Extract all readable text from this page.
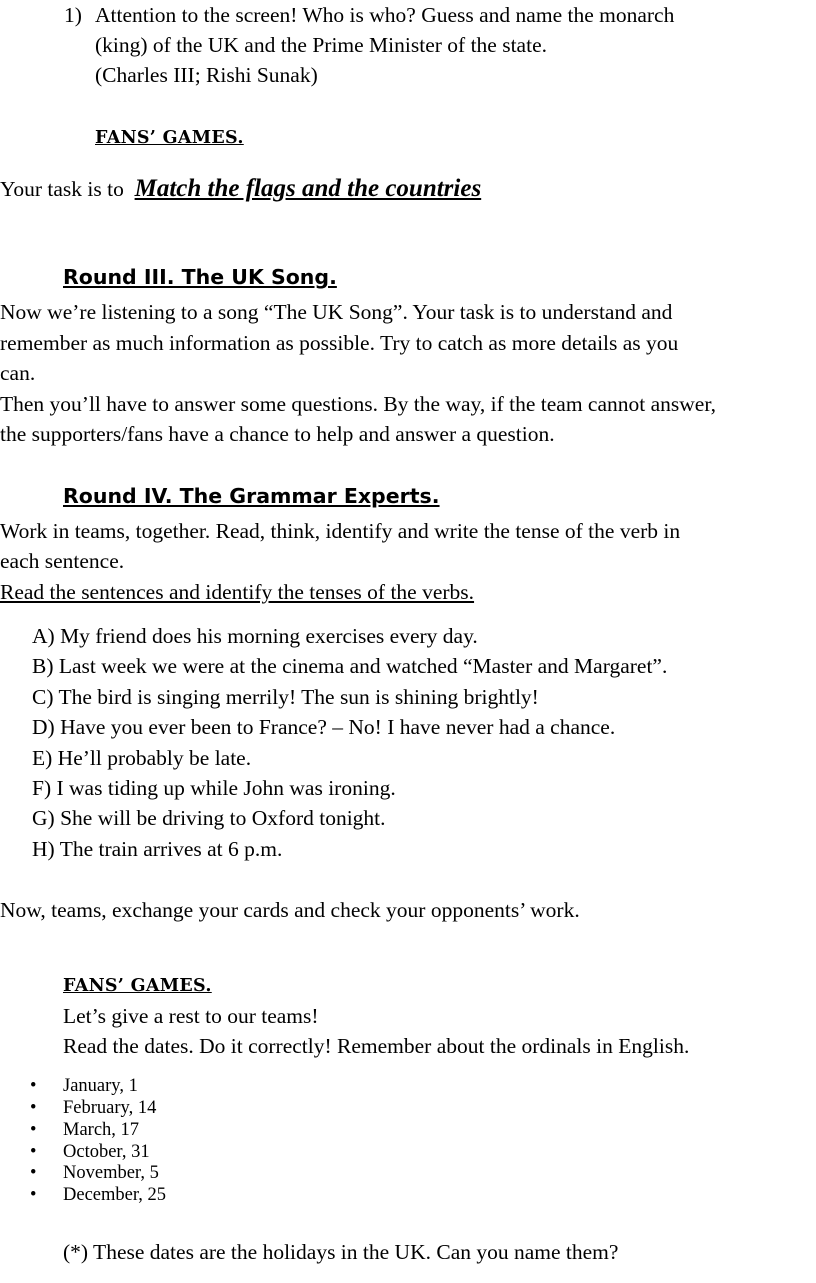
1) Attention to the screen! Who is who? Guess and name the monarch
(king) of the UK and the Prime Minister of the state.
(Charles III; Rishi Sunak)
FANS’ GAMES.
Your task is to  Match the flags and the countries
Round III. The UK Song.
Now we’re listening to a song “The UK Song”. Your task is to understand and
remember as much information as possible. Try to catch as more details as you
can.
Then you’ll have to answer some questions. By the way, if the team cannot answer,
the supporters/fans have a chance to help and answer a question.
Round IV. The Grammar Experts.
Work in teams, together. Read, think, identify and write the tense of the verb in
each sentence.
Read the sentences and identify the tenses of the verbs.
A) My friend does his morning exercises every day.
B) Last week we were at the cinema and watched “Master and Margaret”.
C) The bird is singing merrily! The sun is shining brightly!
D) Have you ever been to France? – No! I have never had a chance.
E) He’ll probably be late.
F) I was tiding up while John was ironing.
G) She will be driving to Oxford tonight.
H) The train arrives at 6 p.m.
Now, teams, exchange your cards and check your opponents’ work.
FANS’ GAMES.
Let’s give a rest to our teams!
Read the dates. Do it correctly! Remember about the ordinals in English.
• January, 1
• February, 14
• March, 17
• October, 31
• November, 5
• December, 25
(*) These dates are the holidays in the UK. Can you name them?
